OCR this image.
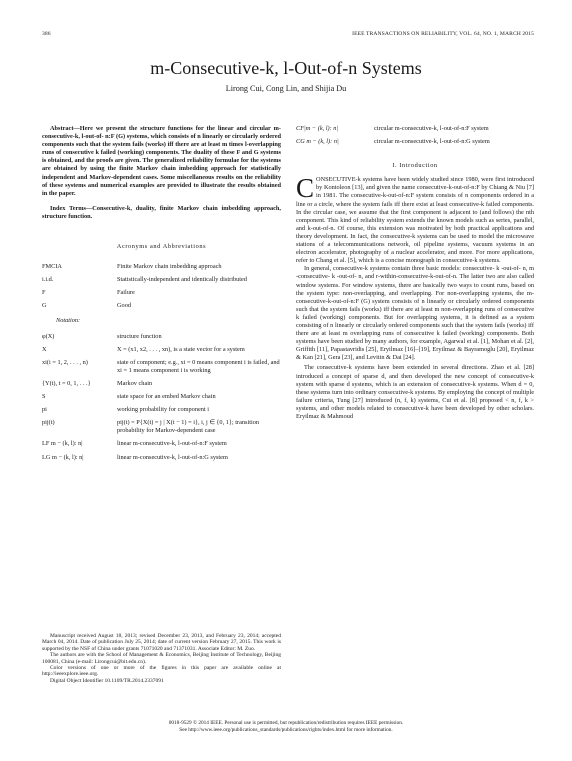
386	IEEE TRANSACTIONS ON RELIABILITY, VOL. 64, NO. 1, MARCH 2015
m-Consecutive-k, l-Out-of-n Systems
Lirong Cui, Cong Lin, and Shijia Du

Abstract—Here we present the structure functions for the linear and circular m-consecutive-k, l-out-of- n:F (G) systems, which consists of n linearly or circularly ordered components such that the system fails (works) iff there are at least m times l-overlapping runs of consecutive k failed (working) components. The duality of these F and G systems is obtained, and the proofs are given. The generalized reliability formulae for the systems are obtained by using the finite Markov chain imbedding approach for statistically independent and Markov-dependent cases. Some miscellaneous results on the reliability of these systems and numerical examples are provided to illustrate the results obtained in the paper.

Index Terms—Consecutive-k, duality, finite Markov chain imbedding approach, structure function.

Acronyms and Abbreviations
FMCIA	Finite Markov chain imbedding approach
i.i.d.	Statistically-independent and identically distributed
F	Failure
G	Good
Notation:
φ(X)	structure function
X	X = (x1, x2, . . . , xn), is a state vector for a system
xi(i = 1, 2, . . . , n)	state of component; e.g., xi = 0 means component i is failed, and xi = 1 means component i is working
{Y(t), t = 0, 1, . . .}	Markov chain
S	state space for an embed Markov chain
pi	working probability for component i
pij(t)	pij(t) = P{X(t) = j | X(t − 1) = i}, i, j ∈ {0, 1}; transition probability for Markov-dependent case
LF m − (k, l): n|	linear m-consecutive-k, l-out-of-n:F system
LG m − (k, l): n|	linear m-consecutive-k, l-out-of-n:G system

Manuscript received August 18, 2013; revised December 23, 2013, and February 23, 2014; accepted March 04, 2014. Date of publication July 25, 2014; date of current version February 27, 2015. This work is supported by the NSF of China under grants 71071020 and 71371031. Associate Editor: M. Zuo.

The authors are with the School of Management & Economics, Beijing Institute of Technology, Beijing 100081, China (e-mail: Lirongcui@bit.edu.cn).

Color versions of one or more of the figures in this paper are available online at http://ieeexplore.ieee.org.

Digital Object Identifier 10.1109/TR.2014.2337091

CF|m − (k, l): n|	circular m-consecutive-k, l-out-of-n:F system
CG m − (k, l): n|	circular m-consecutive-k, l-out-of-n:G system
I. Introduction

CONSECUTIVE-k systems have been widely studied since 1980, were first introduced by Kontoleon [13], and given the name consecutive-k-out-of-n:F by Chiang & Niu [7] in 1981. The consecutive-k-out-of-n:F system consists of n components ordered in a line or a circle, where the system fails iff there exist at least consecutive-k failed components. In the circular case, we assume that the first component is adjacent to (and follows) the nth component. This kind of reliability system extends the known models such as series, parallel, and k-out-of-n. Of course, this extension was motivated by both practical applications and theory development. In fact, the consecutive-k systems can be used to model the microwave stations of a telecommunications network, oil pipeline systems, vacuum systems in an electron accelerator, photography of a nuclear accelerator, and more. For more applications, refer to Chang et al. [5], which is a concise monograph in consecutive-k systems.

In general, consecutive-k systems contain three basic models: consecutive- k -out-of- n, m -consecutive- k -out-of- n, and r-within-consecutive-k-out-of-n. The latter two are also called window systems. For window systems, there are basically two ways to count runs, based on the system type: non-overlapping, and overlapping. For non-overlapping systems, the m-consecutive-k-out-of-n:F (G) system consists of n linearly or circularly ordered components such that the system fails (works) iff there are at least m non-overlapping runs of consecutive k failed (working) components. But for overlapping systems, it is defined as a system consisting of n linearly or circularly ordered components such that the system fails (works) iff there are at least m overlapping runs of consecutive k failed (working) components. Both systems have been studied by many authors, for example, Agarwal et al. [1], Mohan et al. [2], Griffith [11], Papastavridis [25], Eryilmaz [16]–[19], Eryilmaz & Bayramoglu [20], Eryilmaz & Kan [21], Gera [23], and Levitin & Dai [24].

The consecutive-k systems have been extended in several directions. Zhao et al. [28] introduced a concept of sparse d, and then developed the new concept of consecutive-k system with sparse d systems, which is an extension of consecutive-k systems. When d = 0, these systems turn into ordinary consecutive-k systems. By employing the concept of multiple failure criteria, Tung [27] introduced (n, f, k) systems, Cui et al. [8] proposed < n, f, k > systems, and other models related to consecutive-k have been developed by other scholars. Eryilmaz & Mahmoud

0018-9529 © 2014 IEEE. Personal use is permitted, but republication/redistribution requires IEEE permission.
See http://www.ieee.org/publications_standards/publications/rights/index.html for more information.
